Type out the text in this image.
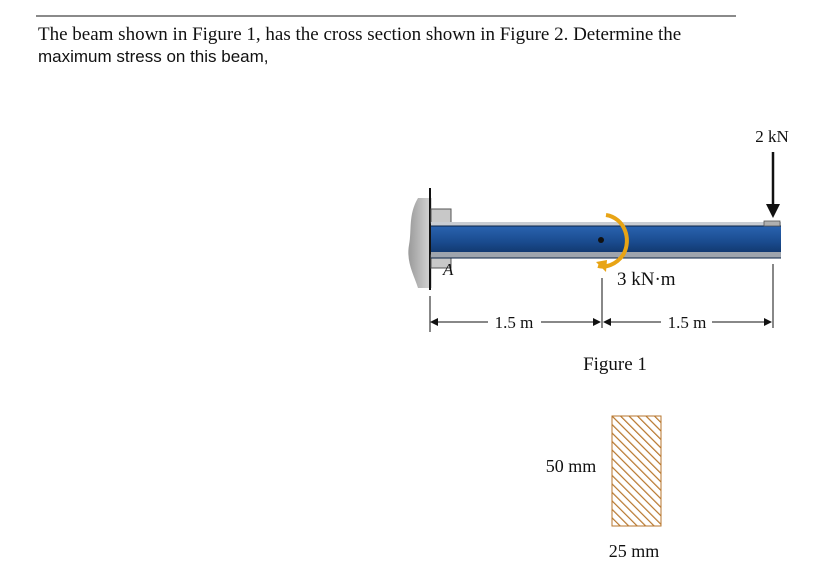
The beam shown in Figure 1, has the cross section shown in Figure 2. Determine the
maximum stress on this beam,
A	3 kN·m
2 kN
1.5 m	1.5 m
Figure 1
50 mm
25 mm
